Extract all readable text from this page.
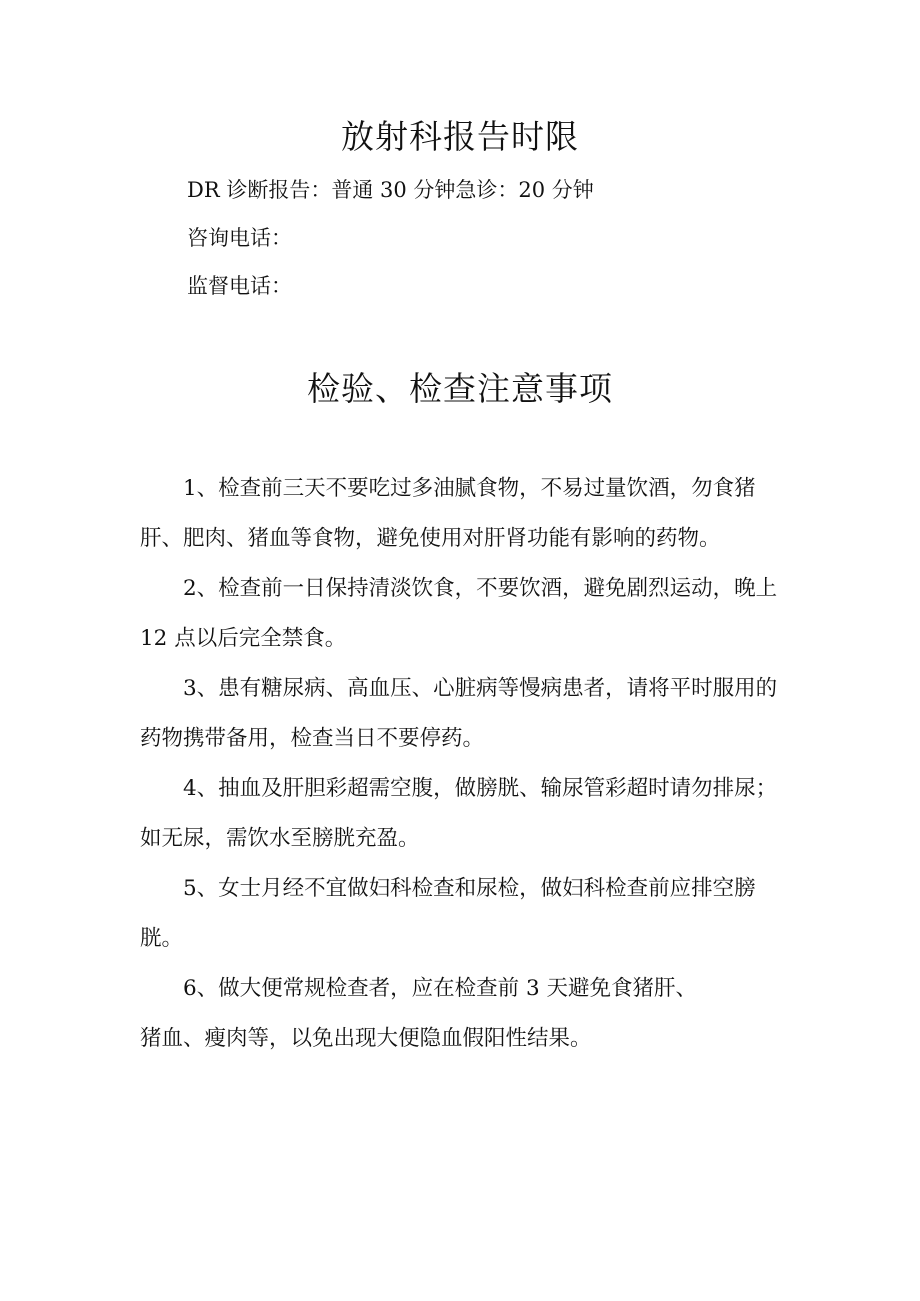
放射科报告时限

DR 诊断报告：普通 30 分钟急诊：20 分钟

咨询电话：

监督电话：

检验、检查注意事项

1、检查前三天不要吃过多油腻食物，不易过量饮酒，勿食猪肝、肥肉、猪血等食物，避免使用对肝肾功能有影响的药物。

2、检查前一日保持清淡饮食，不要饮酒，避免剧烈运动，晚上 12 点以后完全禁食。

3、患有糖尿病、高血压、心脏病等慢病患者，请将平时服用的药物携带备用，检查当日不要停药。

4、抽血及肝胆彩超需空腹，做膀胱、输尿管彩超时请勿排尿；如无尿，需饮水至膀胱充盈。

5、女士月经不宜做妇科检查和尿检，做妇科检查前应排空膀胱。

6、做大便常规检查者，应在检查前 3 天避免食猪肝、

猪血、瘦肉等，以免出现大便隐血假阳性结果。
